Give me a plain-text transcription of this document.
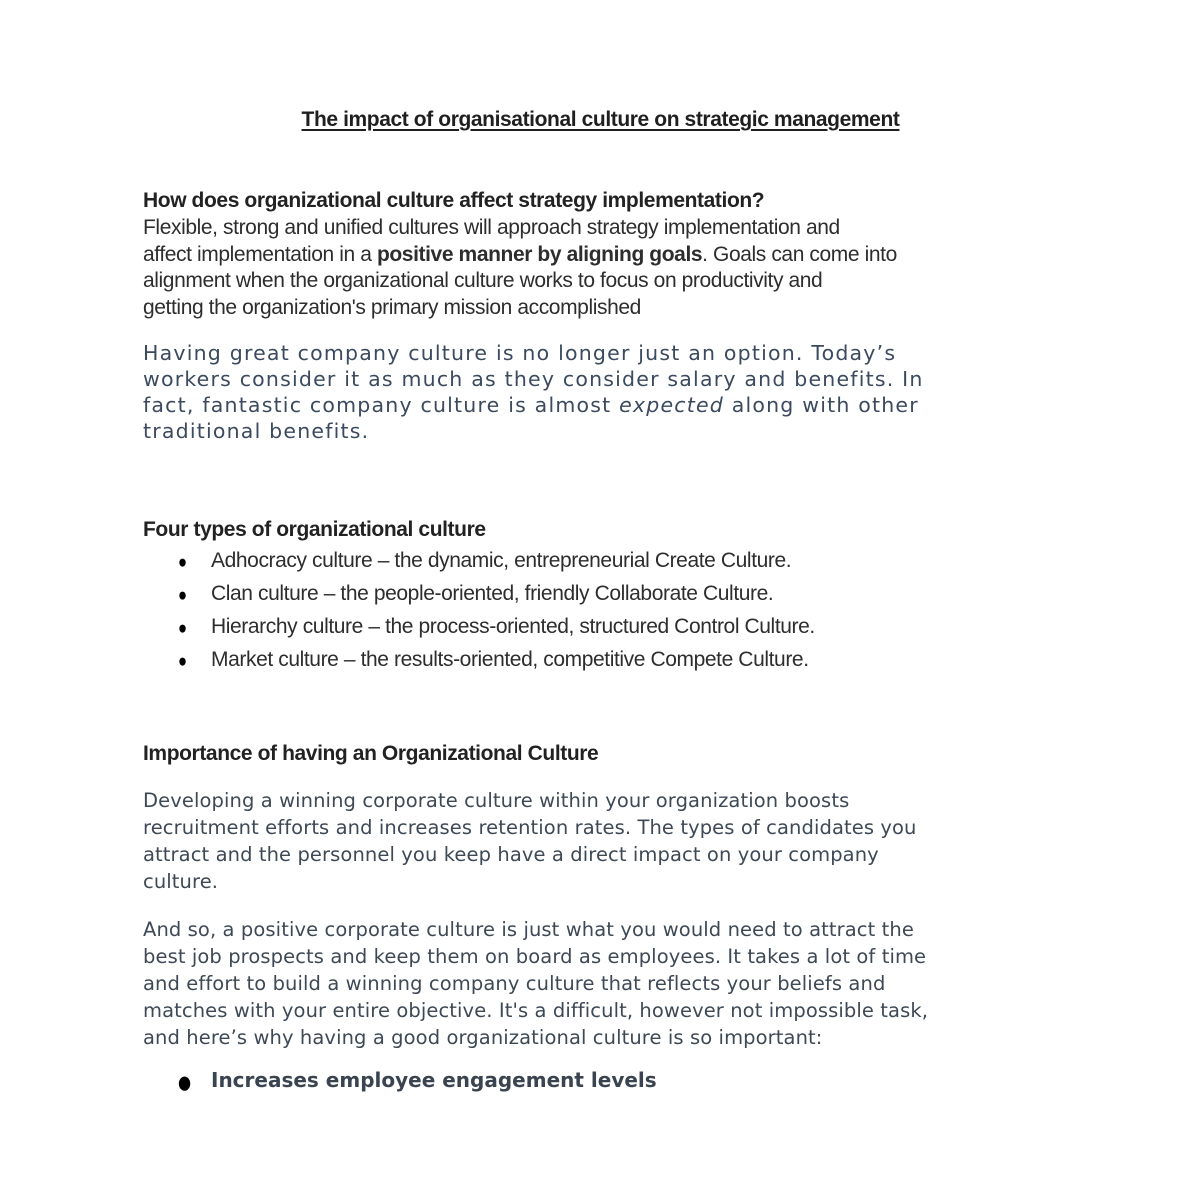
The impact of organisational culture on strategic management
How does organizational culture affect strategy implementation?
Flexible, strong and unified cultures will approach strategy implementation and
affect implementation in a positive manner by aligning goals. Goals can come into
alignment when the organizational culture works to focus on productivity and
getting the organization's primary mission accomplished
Having great company culture is no longer just an option. Today’s
workers consider it as much as they consider salary and benefits. In
fact, fantastic company culture is almost expected along with other
traditional benefits.
Four types of organizational culture
●	Adhocracy culture – the dynamic, entrepreneurial Create Culture.
●	Clan culture – the people-oriented, friendly Collaborate Culture.
●	Hierarchy culture – the process-oriented, structured Control Culture.
●	Market culture – the results-oriented, competitive Compete Culture.
Importance of having an Organizational Culture
Developing a winning corporate culture within your organization boosts
recruitment efforts and increases retention rates. The types of candidates you
attract and the personnel you keep have a direct impact on your company
culture.
And so, a positive corporate culture is just what you would need to attract the
best job prospects and keep them on board as employees. It takes a lot of time
and effort to build a winning company culture that reflects your beliefs and
matches with your entire objective. It's a difficult, however not impossible task,
and here’s why having a good organizational culture is so important:
● Increases employee engagement levels
